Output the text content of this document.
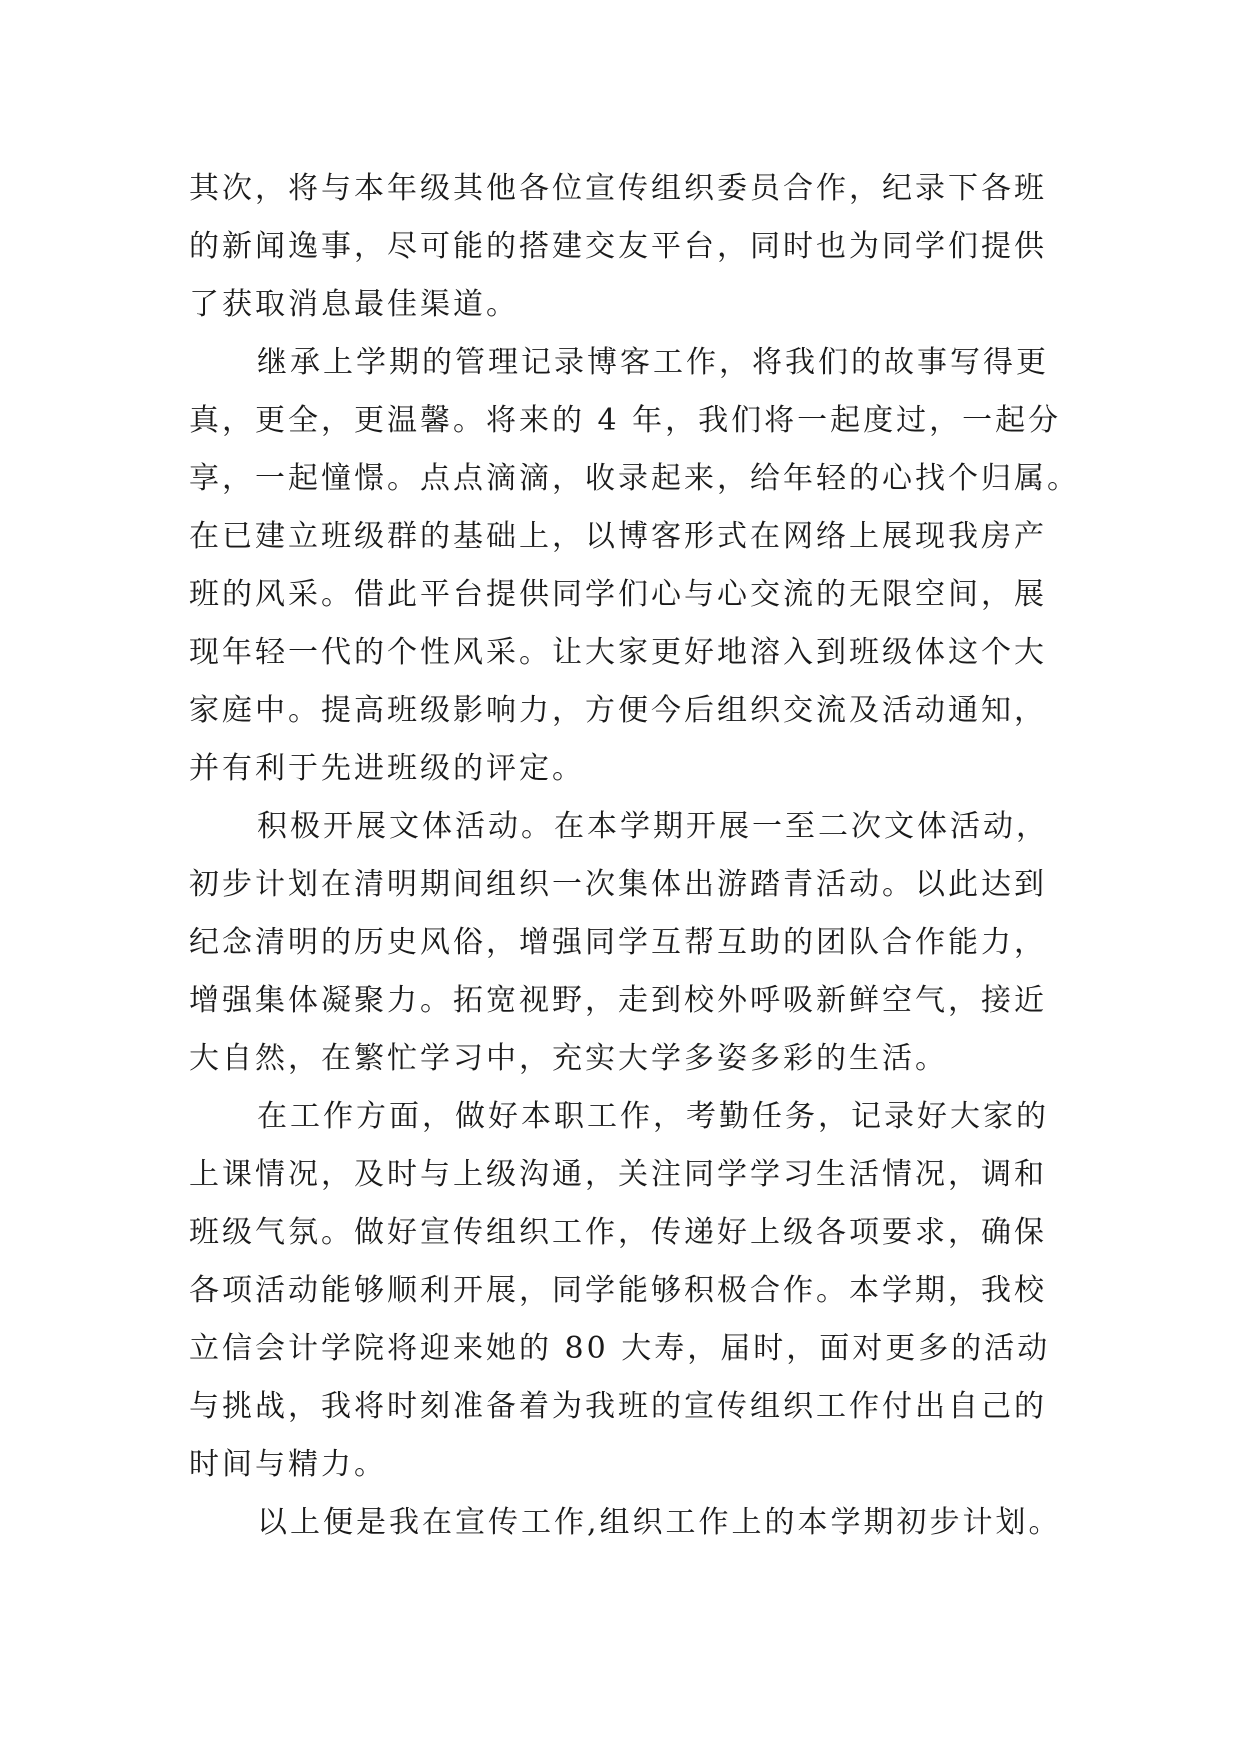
其次，将与本年级其他各位宣传组织委员合作，纪录下各班
的新闻逸事，尽可能的搭建交友平台，同时也为同学们提供
了获取消息最佳渠道。
继承上学期的管理记录博客工作，将我们的故事写得更
真，更全，更温馨。将来的 4 年，我们将一起度过，一起分
享，一起憧憬。点点滴滴，收录起来，给年轻的心找个归属。
在已建立班级群的基础上，以博客形式在网络上展现我房产
班的风采。借此平台提供同学们心与心交流的无限空间，展
现年轻一代的个性风采。让大家更好地溶入到班级体这个大
家庭中。提高班级影响力，方便今后组织交流及活动通知，
并有利于先进班级的评定。
积极开展文体活动。在本学期开展一至二次文体活动，
初步计划在清明期间组织一次集体出游踏青活动。以此达到
纪念清明的历史风俗，增强同学互帮互助的团队合作能力，
增强集体凝聚力。拓宽视野，走到校外呼吸新鲜空气，接近
大自然，在繁忙学习中，充实大学多姿多彩的生活。
在工作方面，做好本职工作，考勤任务，记录好大家的
上课情况，及时与上级沟通，关注同学学习生活情况，调和
班级气氛。做好宣传组织工作，传递好上级各项要求，确保
各项活动能够顺利开展，同学能够积极合作。本学期，我校
立信会计学院将迎来她的 80 大寿，届时，面对更多的活动
与挑战，我将时刻准备着为我班的宣传组织工作付出自己的
时间与精力。
以上便是我在宣传工作,组织工作上的本学期初步计划。
